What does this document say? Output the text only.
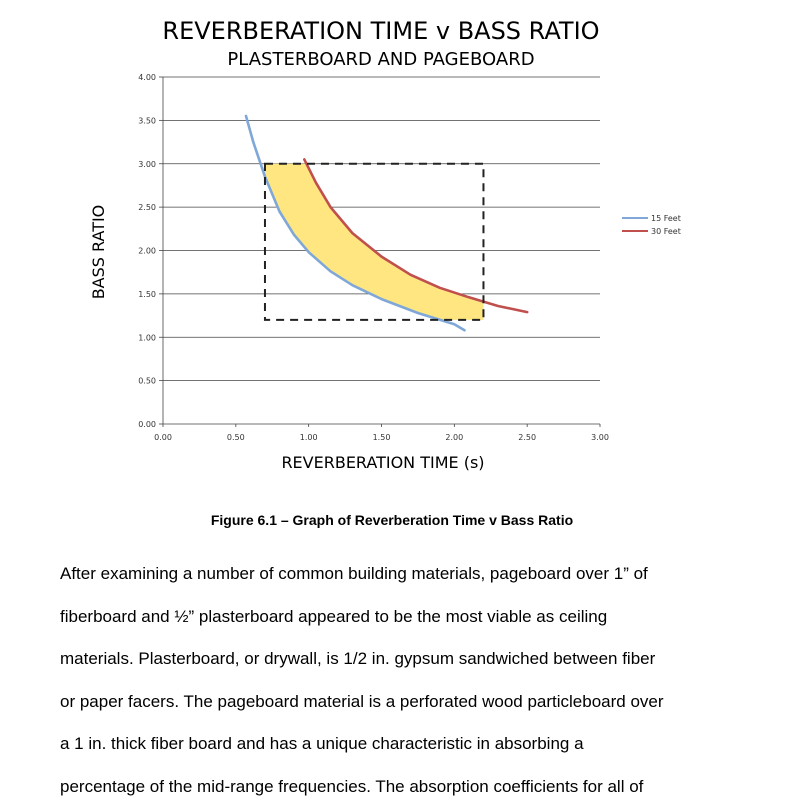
REVERBERATION TIME v BASS RATIO
PLASTERBOARD AND PAGEBOARD
BASS RATIO
REVERBERATION TIME (s)
0.00
0.50
1.00
1.50
2.00
2.50
3.00
3.50
4.00
0.00	0.50	1.00	1.50	2.00	2.50	3.00
15 Feet
30 Feet
Figure 6.1 – Graph of Reverberation Time v Bass Ratio
After examining a number of common building materials, pageboard over 1” of
fiberboard and ½” plasterboard appeared to be the most viable as ceiling
materials. Plasterboard, or drywall, is 1/2 in. gypsum sandwiched between fiber
or paper facers. The pageboard material is a perforated wood particleboard over
a 1 in. thick fiber board and has a unique characteristic in absorbing a
percentage of the mid-range frequencies. The absorption coefficients for all of
